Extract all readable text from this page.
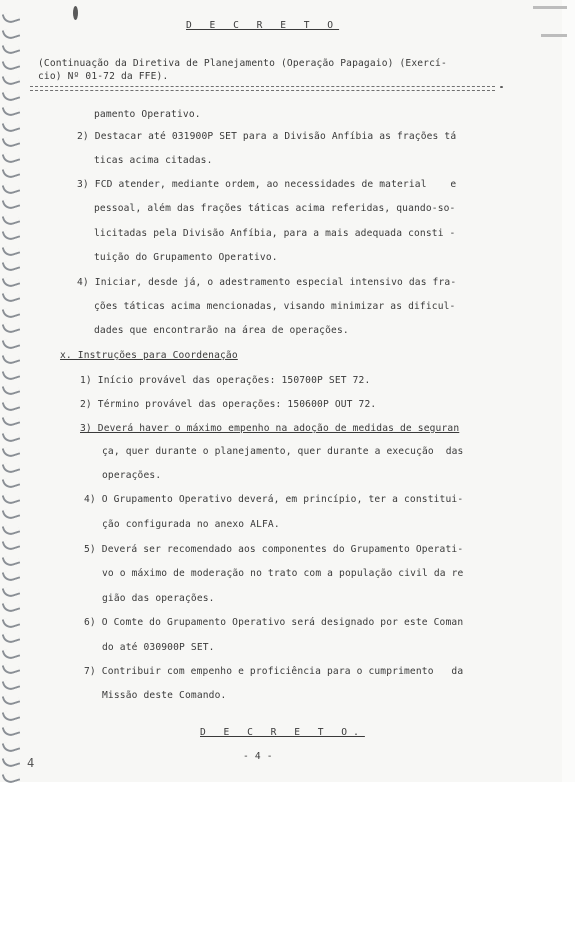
D E C R E T O
(Continuação da Diretiva de Planejamento (Operação Papagaio) (Exercí-
cio) Nº 01-72 da FFE).
pamento Operativo.
2) Destacar até 031900P SET para a Divisão Anfíbia as frações tá
ticas acima citadas.
3) FCD atender, mediante ordem, ao necessidades de material    e
pessoal, além das frações táticas acima referidas, quando-so-
licitadas pela Divisão Anfíbia, para a mais adequada consti -
tuição do Grupamento Operativo.
4) Iniciar, desde já, o adestramento especial intensivo das fra-
ções táticas acima mencionadas, visando minimizar as dificul-
dades que encontrarão na área de operações.
x. Instruções para Coordenação
1) Início provável das operações: 150700P SET 72.
2) Término provável das operações: 150600P OUT 72.
3) Deverá haver o máximo empenho na adoção de medidas de seguran
ça, quer durante o planejamento, quer durante a execução  das
operações.
4) O Grupamento Operativo deverá, em princípio, ter a constitui-
ção configurada no anexo ALFA.
5) Deverá ser recomendado aos componentes do Grupamento Operati-
vo o máximo de moderação no trato com a população civil da re
gião das operações.
6) O Comte do Grupamento Operativo será designado por este Coman
do até 030900P SET.
7) Contribuir com empenho e proficiência para o cumprimento   da
Missão deste Comando.
D E C R E T O.
- 4 -
4
